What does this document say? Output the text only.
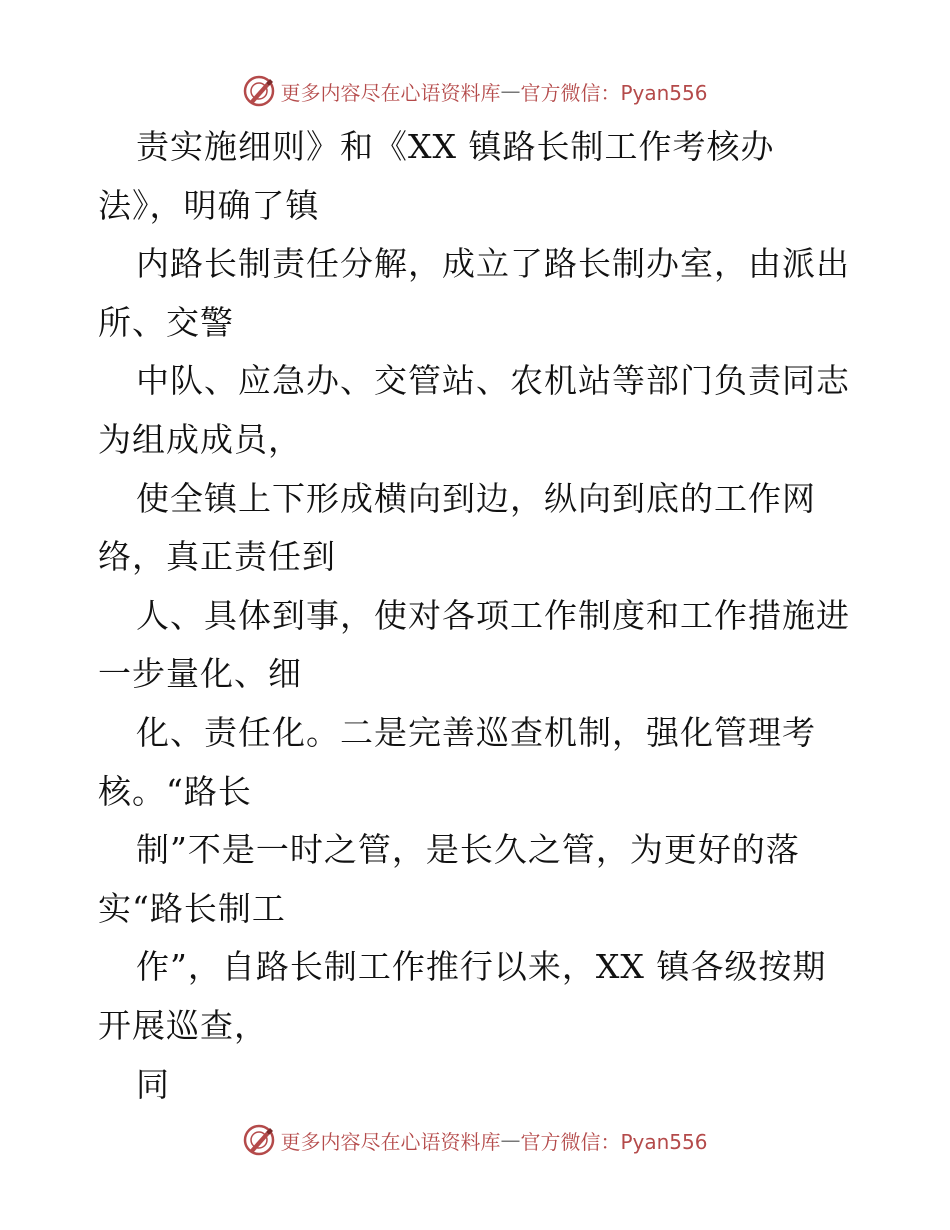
更多内容尽在心语资料库 — 官方微信：Pyan556
责实施细则》和《XX 镇路长制工作考核办
法》，明确了镇
内路长制责任分解，成立了路长制办室，由派出
所、交警
中队、应急办、交管站、农机站等部门负责同志
为组成成员，
使全镇上下形成横向到边，纵向到底的工作网
络，真正责任到
人、具体到事，使对各项工作制度和工作措施进
一步量化、细
化、责任化。二是完善巡查机制，强化管理考
核。“路长
制”不是一时之管，是长久之管，为更好的落
实“路长制工
作”，自路长制工作推行以来，XX 镇各级按期
开展巡查，
同
更多内容尽在心语资料库 — 官方微信：Pyan556
